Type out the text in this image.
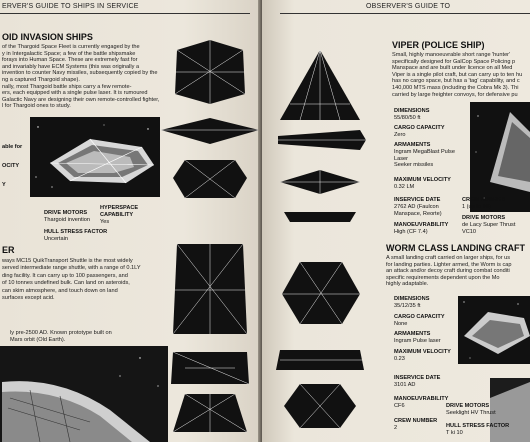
ERVER'S GUIDE TO SHIPS IN SERVICE
OID INVASION SHIPS
of the Thargoid Space Fleet is currently engaged by the
y in Intergalactic Space; a few of the battle shipsmake
forays into Human Space. These are extremely fast for
and invariably have ECM Systems (this was originally a
invention to counter Navy missiles, subsequently copied by the
ng a captured Thargoid shape).
nally, most Thargoid battle ships carry a few remote-
ers, each equipped with a single pulse laser. It is rumoured
Galactic Navy are designing their own remote-controlled fighter,
l for Thargoid ones to study.
able for
OCITY
Y
DRIVE MOTORS
Thargoid invention
HYPERSPACE CAPABILITY
Yes
HULL STRESS FACTOR
Uncertain
ER
ways MC15 QuikTransport Shuttle is the most widely
served intermediate range shuttle, with a range of 0.1LY
ding facility. It can carry up to 100 passengers, and
of 10 tonnes undefined bulk. Can land on asteroids,
can skim atmosphere, and touch down on land
surfaces except acid.
ly pre-2500 AD. Known prototype built on
Mars orbit (Old Earth).
OBSERVER'S GUIDE TO
VIPER (POLICE SHIP)
Small, highly manoeuvrable short range 'hunter'
specifically designed for GalCop Space Policing p
Manspace and are built under licence on all Med
Viper is a single pilot craft, but can carry up to ten hu
has no cargo space, but has a 'tag' capability, and c
140,000 MTS mass (including the Cobra Mk 3). Thi
carried by large freighter convoys, for defensive pu
DIMENSIONS
55/80/50 ft
CARGO CAPACITY
Zero
ARMAMENTS
Ingram MegaBlast Pulse
Laser
Seeker missiles
MAXIMUM VELOCITY
0.32 LM
INSERVICE DATE
2762 AD (Faulcon
Manspace, Reorte)
CREW NUMBER
1 (up to 10)
DRIVE MOTORS
de Lacy Super Thrust
VC10
MANOEUVRABILITY
High (CF 7.4)
WORM CLASS LANDING CRAFT
A small landing craft carried on larger ships, for us
for landing parties. Lighter armed, the Worm is cap
an attack and/or decoy craft during combat conditi
specific requirements dependent upon the Mo
highly adaptable.
DIMENSIONS
35/12/35 ft
CARGO CAPACITY
None
ARMAMENTS
Ingram Pulse laser
MAXIMUM VELOCITY
0.23
INSERVICE DATE
3101 AD
MANOEUVRABILITY
CF6
CREW NUMBER
2
DRIVE MOTORS
Seeklight HV Thrust
HULL STRESS FACTOR
T ki 10
